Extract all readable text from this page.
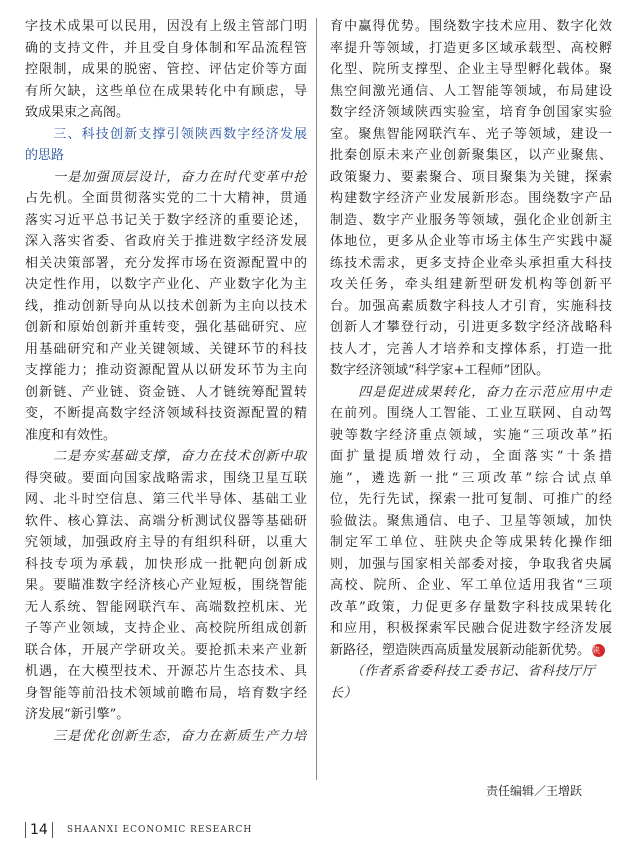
字技术成果可以民用，因没有上级主管部门明
确的支持文件，并且受自身体制和军品流程管
控限制，成果的脱密、管控、评估定价等方面
有所欠缺，这些单位在成果转化中有顾虑，导
致成果束之高阁。
　　三、科技创新支撑引领陕西数字经济发展
的思路
　　一是加强顶层设计，奋力在时代变革中抢
占先机。全面贯彻落实党的二十大精神，贯通
落实习近平总书记关于数字经济的重要论述，
深入落实省委、省政府关于推进数字经济发展
相关决策部署，充分发挥市场在资源配置中的
决定性作用，以数字产业化、产业数字化为主
线，推动创新导向从以技术创新为主向以技术
创新和原始创新并重转变，强化基础研究、应
用基础研究和产业关键领域、关键环节的科技
支撑能力；推动资源配置从以研发环节为主向
创新链、产业链、资金链、人才链统筹配置转
变，不断提高数字经济领域科技资源配置的精
准度和有效性。
　　二是夯实基础支撑，奋力在技术创新中取
得突破。要面向国家战略需求，围绕卫星互联
网、北斗时空信息、第三代半导体、基础工业
软件、核心算法、高端分析测试仪器等基础研
究领域，加强政府主导的有组织科研，以重大
科技专项为承载，加快形成一批靶向创新成
果。要瞄准数字经济核心产业短板，围绕智能
无人系统、智能网联汽车、高端数控机床、光
子等产业领域，支持企业、高校院所组成创新
联合体，开展产学研攻关。要抢抓未来产业新
机遇，在大模型技术、开源芯片生态技术、具
身智能等前沿技术领域前瞻布局，培育数字经
济发展“新引擎”。
　　三是优化创新生态，奋力在新质生产力培
育中赢得优势。围绕数字技术应用、数字化效
率提升等领域，打造更多区域承载型、高校孵
化型、院所支撑型、企业主导型孵化载体。聚
焦空间激光通信、人工智能等领域，布局建设
数字经济领域陕西实验室，培育争创国家实验
室。聚焦智能网联汽车、光子等领域，建设一
批秦创原未来产业创新聚集区，以产业聚焦、
政策聚力、要素聚合、项目聚集为关键，探索
构建数字经济产业发展新形态。围绕数字产品
制造、数字产业服务等领域，强化企业创新主
体地位，更多从企业等市场主体生产实践中凝
练技术需求，更多支持企业牵头承担重大科技
攻关任务，牵头组建新型研发机构等创新平
台。加强高素质数字科技人才引育，实施科技
创新人才攀登行动，引进更多数字经济战略科
技人才，完善人才培养和支撑体系，打造一批
数字经济领域“科学家+工程师”团队。
　　四是促进成果转化，奋力在示范应用中走
在前列。围绕人工智能、工业互联网、自动驾
驶等数字经济重点领域，实施“三项改革”拓
面扩量提质增效行动，全面落实“十条措
施”，遴选新一批“三项改革”综合试点单
位，先行先试，探索一批可复制、可推广的经
验做法。聚焦通信、电子、卫星等领域，加快
制定军工单位、驻陕央企等成果转化操作细
则，加强与国家相关部委对接，争取我省央属
高校、院所、企业、军工单位适用我省“三项
改革”政策，力促更多存量数字科技成果转化
和应用，积极探索军民融合促进数字经济发展
新路径，塑造陕西高质量发展新动能新优势。 陕
　　（作者系省委科技工委书记、省科技厅厅
长）
责任编辑／王增跃
14 SHAANXI ECONOMIC RESEARCH
